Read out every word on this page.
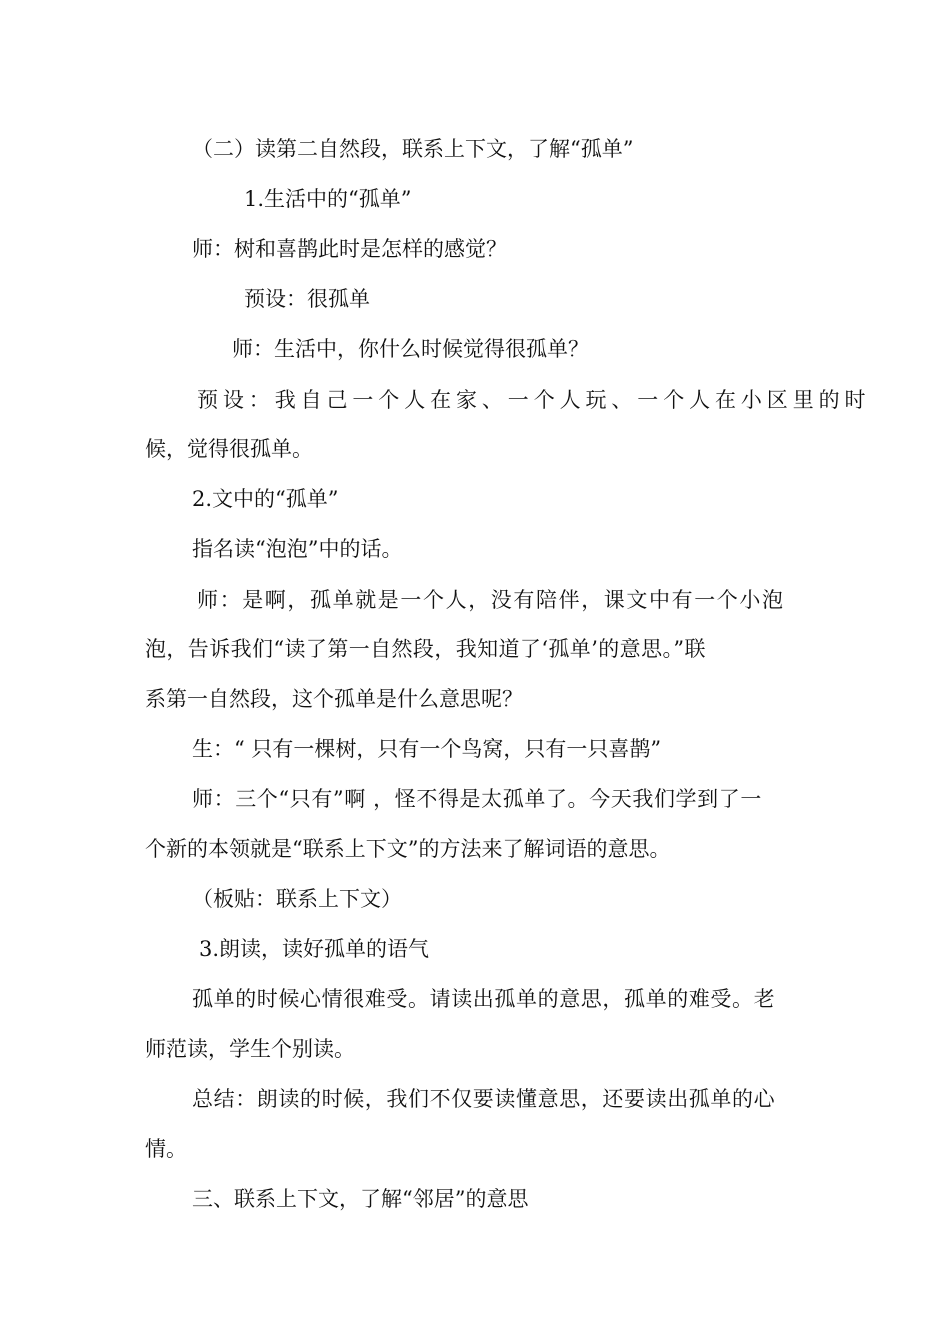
（二）读第二自然段，联系上下文，了解“孤单”
1.生活中的“孤单”
师：树和喜鹊此时是怎样的感觉？
预设：很孤单
师：生活中，你什么时候觉得很孤单？
预设：我自己一个人在家、一个人玩、一个人在小区里的时
候，觉得很孤单。
2.文中的“孤单”
指名读“泡泡”中的话。
师：是啊，孤单就是一个人，没有陪伴，课文中有一个小泡
泡，告诉我们“读了第一自然段，我知道了‘孤单’的意思。”联
系第一自然段，这个孤单是什么意思呢？
生：“ 只有一棵树，只有一个鸟窝，只有一只喜鹊”
师：三个“只有”啊 ，怪不得是太孤单了。今天我们学到了一
个新的本领就是“联系上下文”的方法来了解词语的意思。
（板贴：联系上下文）
3.朗读，读好孤单的语气
孤单的时候心情很难受。请读出孤单的意思，孤单的难受。老
师范读，学生个别读。
总结：朗读的时候，我们不仅要读懂意思，还要读出孤单的心
情。
三、联系上下文，了解“邻居”的意思
